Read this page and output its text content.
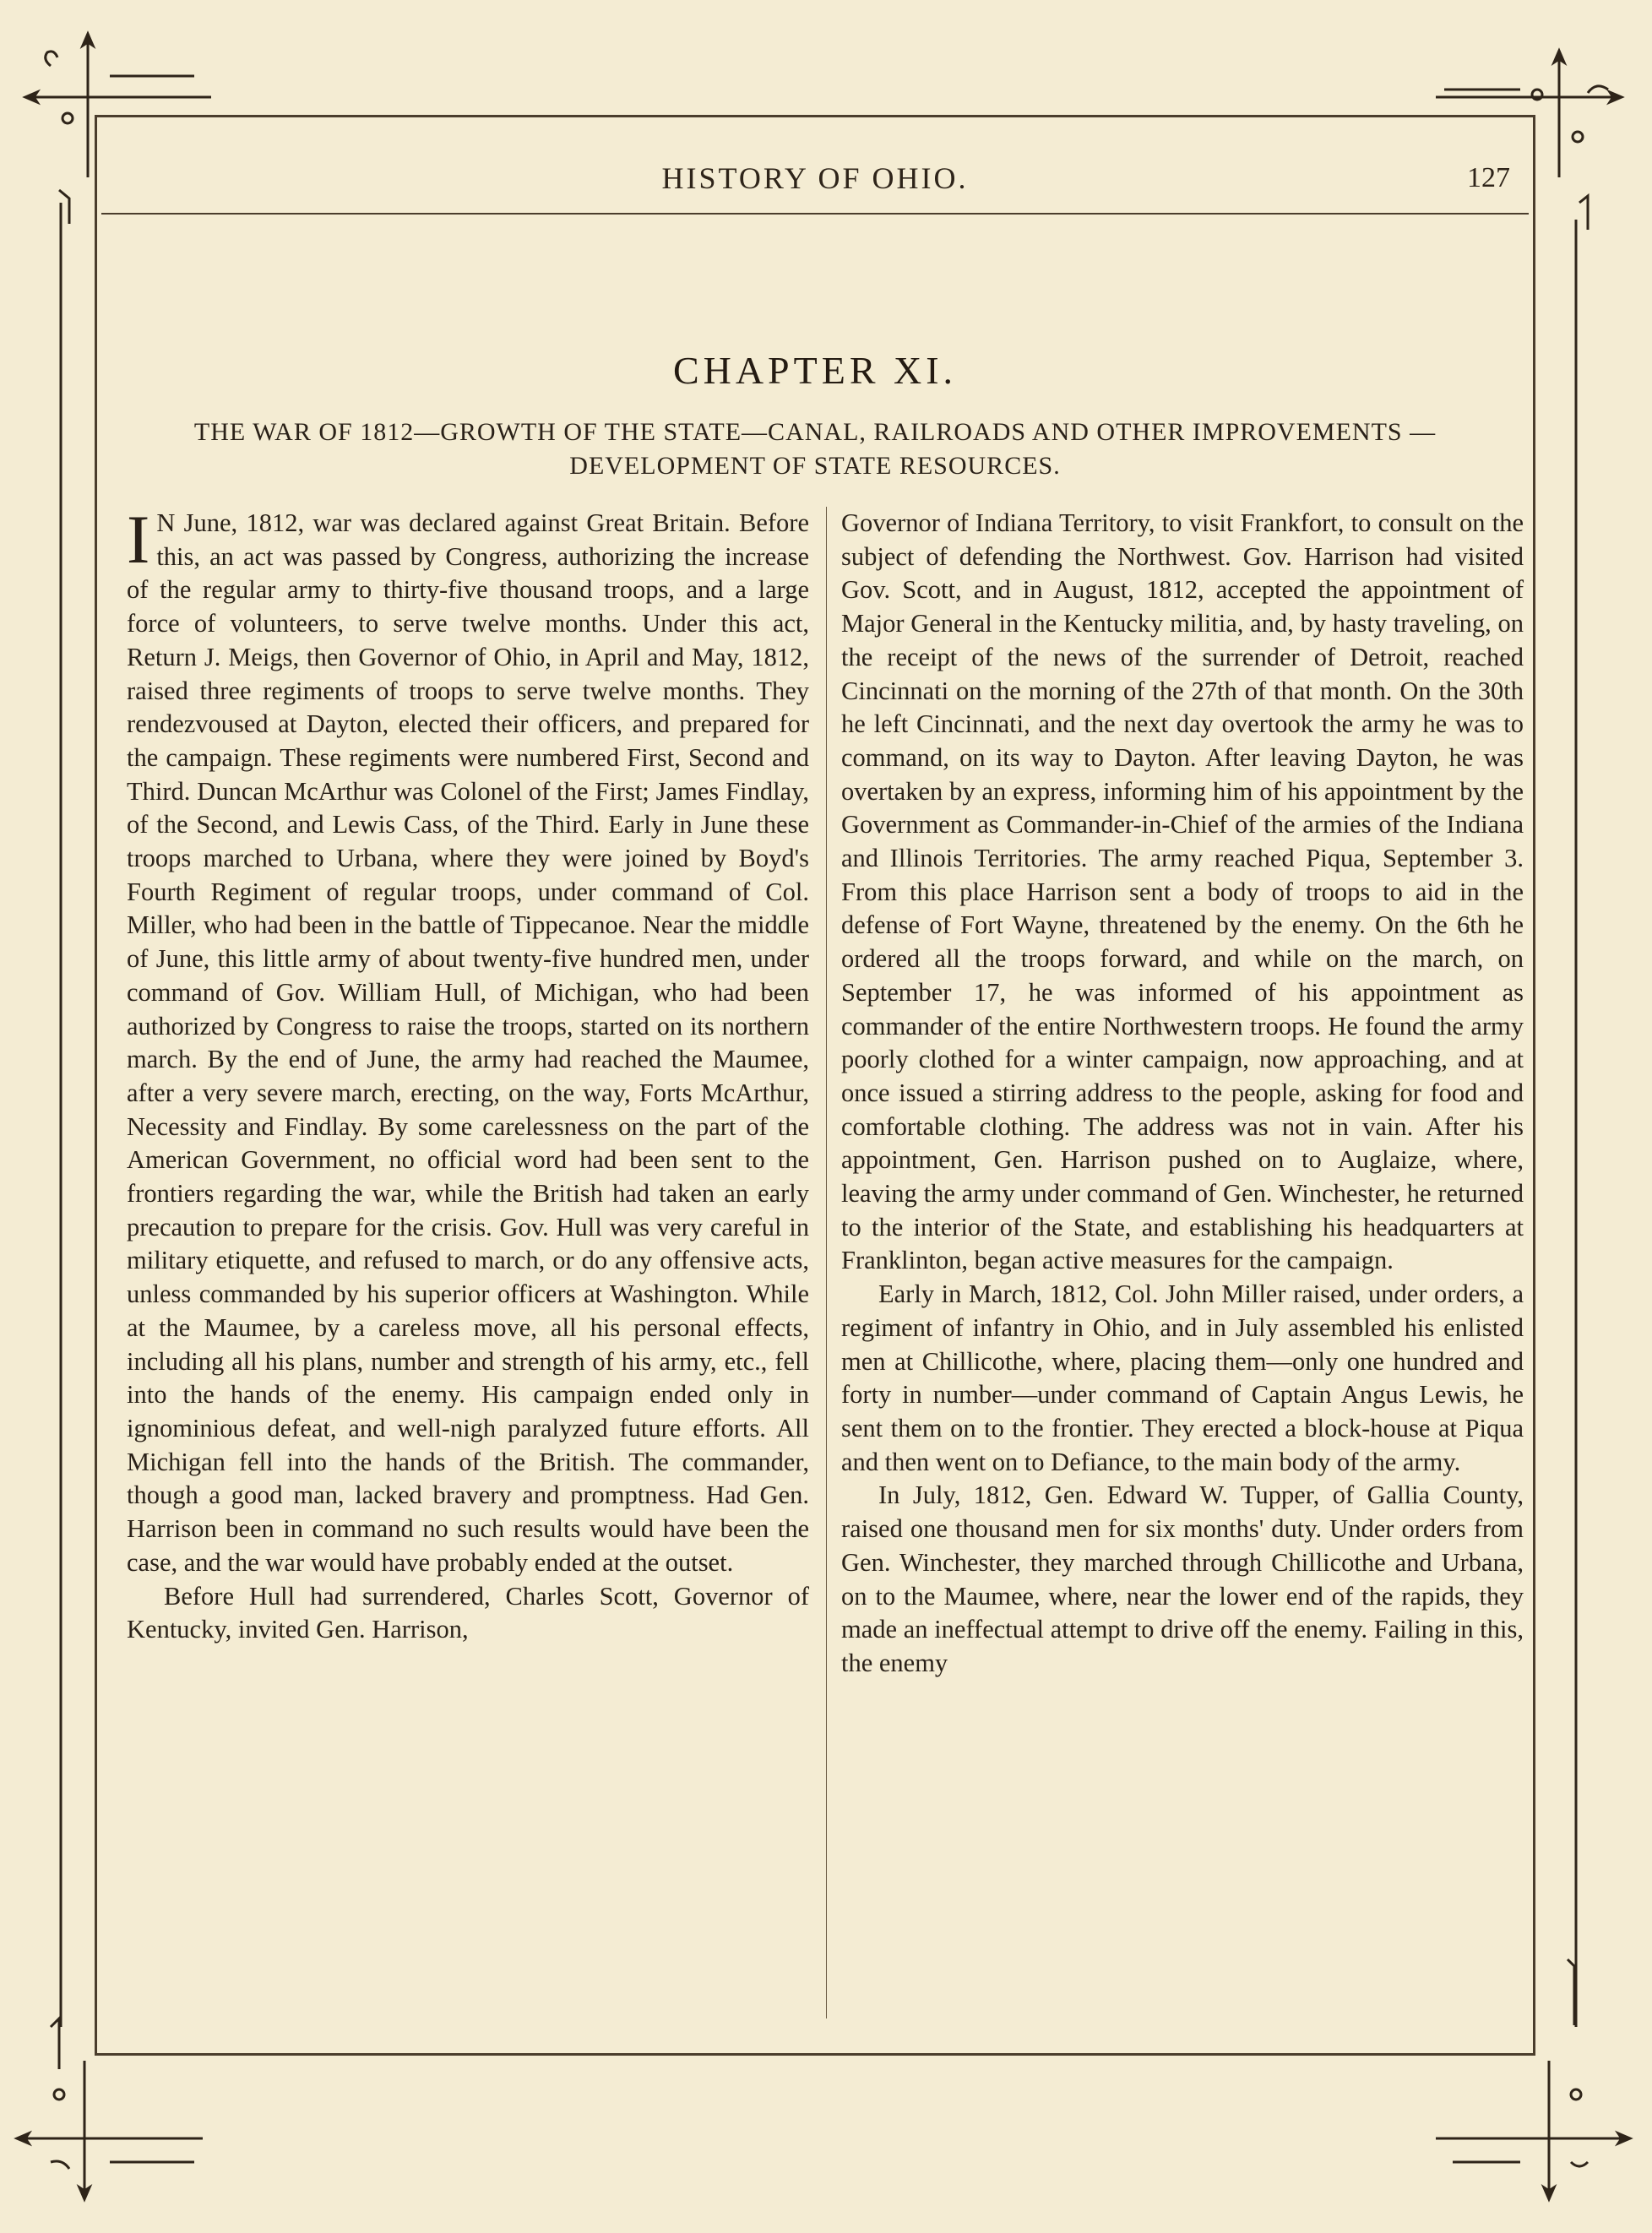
HISTORY OF OHIO.	127
CHAPTER XI.
THE WAR OF 1812—GROWTH OF THE STATE—CANAL, RAILROADS AND OTHER IMPROVEMENTS —DEVELOPMENT OF STATE RESOURCES.

I N June, 1812, war was declared against Great Britain. Before this, an act was passed by Congress, authorizing the increase of the regular army to thirty-five thousand troops, and a large force of volunteers, to serve twelve months. Under this act, Return J. Meigs, then Governor of Ohio, in April and May, 1812, raised three regiments of troops to serve twelve months. They rendezvoused at Dayton, elected their officers, and prepared for the campaign. These regiments were numbered First, Second and Third. Duncan McArthur was Colonel of the First; James Findlay, of the Second, and Lewis Cass, of the Third. Early in June these troops marched to Urbana, where they were joined by Boyd's Fourth Regiment of regular troops, under command of Col. Miller, who had been in the battle of Tippecanoe. Near the middle of June, this little army of about twenty-five hundred men, under command of Gov. William Hull, of Michigan, who had been authorized by Congress to raise the troops, started on its northern march. By the end of June, the army had reached the Maumee, after a very severe march, erecting, on the way, Forts McArthur, Necessity and Findlay. By some carelessness on the part of the American Government, no official word had been sent to the frontiers regarding the war, while the British had taken an early precaution to prepare for the crisis. Gov. Hull was very careful in military etiquette, and refused to march, or do any offensive acts, unless commanded by his superior officers at Washington. While at the Maumee, by a careless move, all his personal effects, including all his plans, number and strength of his army, etc., fell into the hands of the enemy. His campaign ended only in ignominious defeat, and well-nigh paralyzed future efforts. All Michigan fell into the hands of the British. The commander, though a good man, lacked bravery and promptness. Had Gen. Harrison been in command no such results would have been the case, and the war would have probably ended at the outset.

Before Hull had surrendered, Charles Scott, Governor of Kentucky, invited Gen. Harrison,

Governor of Indiana Territory, to visit Frankfort, to consult on the subject of defending the Northwest. Gov. Harrison had visited Gov. Scott, and in August, 1812, accepted the appointment of Major General in the Kentucky militia, and, by hasty traveling, on the receipt of the news of the surrender of Detroit, reached Cincinnati on the morning of the 27th of that month. On the 30th he left Cincinnati, and the next day overtook the army he was to command, on its way to Dayton. After leaving Dayton, he was overtaken by an express, informing him of his appointment by the Government as Commander-in-Chief of the armies of the Indiana and Illinois Territories. The army reached Piqua, September 3. From this place Harrison sent a body of troops to aid in the defense of Fort Wayne, threatened by the enemy. On the 6th he ordered all the troops forward, and while on the march, on September 17, he was informed of his appointment as commander of the entire Northwestern troops. He found the army poorly clothed for a winter campaign, now approaching, and at once issued a stirring address to the people, asking for food and comfortable clothing. The address was not in vain. After his appointment, Gen. Harrison pushed on to Auglaize, where, leaving the army under command of Gen. Winchester, he returned to the interior of the State, and establishing his headquarters at Franklinton, began active measures for the campaign.

Early in March, 1812, Col. John Miller raised, under orders, a regiment of infantry in Ohio, and in July assembled his enlisted men at Chillicothe, where, placing them—only one hundred and forty in number—under command of Captain Angus Lewis, he sent them on to the frontier. They erected a block-house at Piqua and then went on to Defiance, to the main body of the army.

In July, 1812, Gen. Edward W. Tupper, of Gallia County, raised one thousand men for six months' duty. Under orders from Gen. Winchester, they marched through Chillicothe and Urbana, on to the Maumee, where, near the lower end of the rapids, they made an ineffectual attempt to drive off the enemy. Failing in this, the enemy
